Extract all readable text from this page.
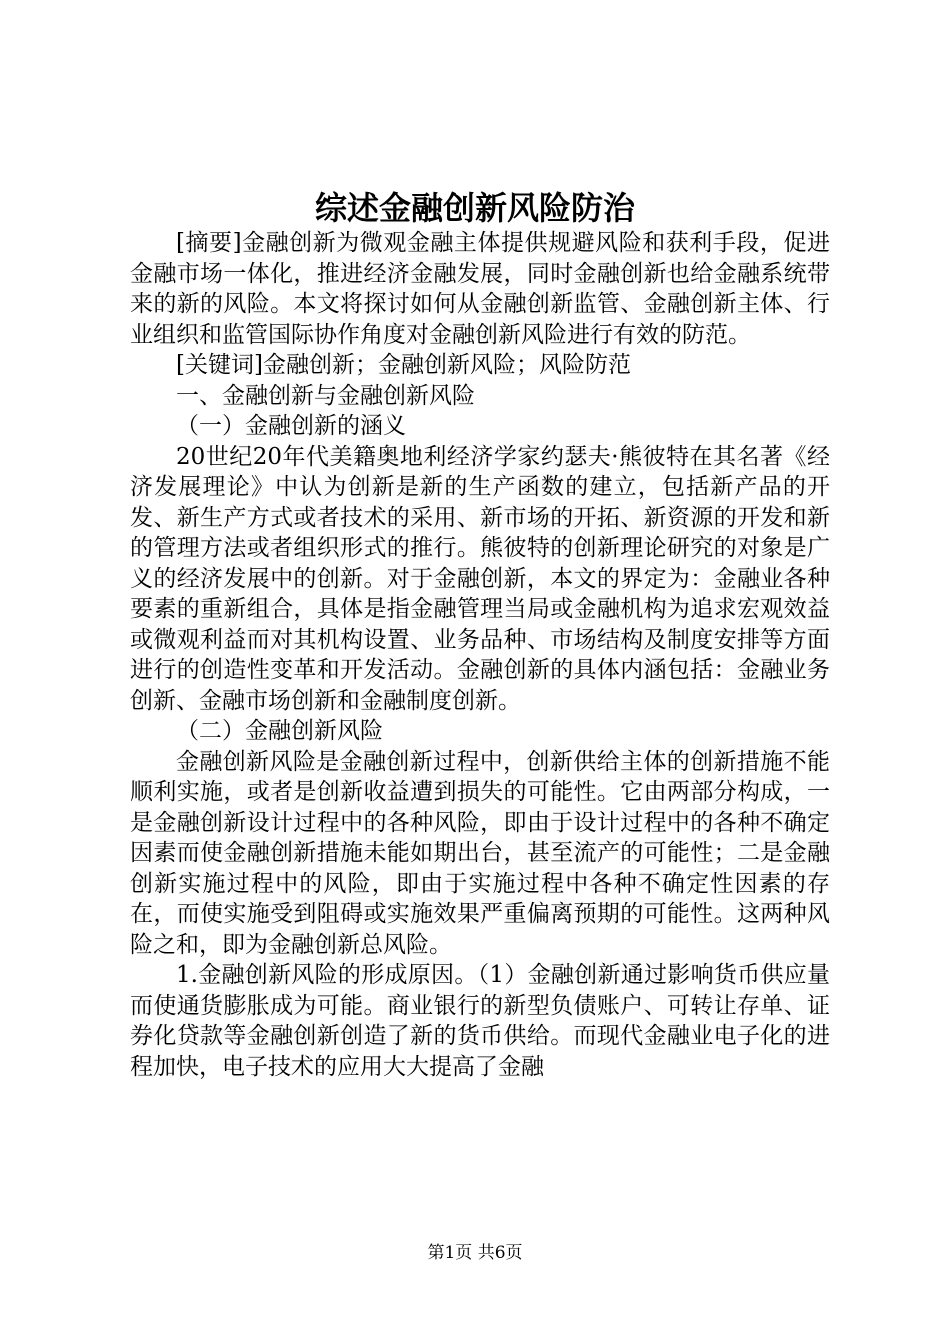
综述金融创新风险防治

[摘要]金融创新为微观金融主体提供规避风险和获利手段，促进金融市场一体化，推进经济金融发展，同时金融创新也给金融系统带来的新的风险。本文将探讨如何从金融创新监管、金融创新主体、行业组织和监管国际协作角度对金融创新风险进行有效的防范。

[关键词]金融创新；金融创新风险；风险防范

一、金融创新与金融创新风险

（一）金融创新的涵义

20世纪20年代美籍奥地利经济学家约瑟夫·熊彼特在其名著《经济发展理论》中认为创新是新的生产函数的建立，包括新产品的开发、新生产方式或者技术的采用、新市场的开拓、新资源的开发和新的管理方法或者组织形式的推行。熊彼特的创新理论研究的对象是广义的经济发展中的创新。对于金融创新，本文的界定为：金融业各种要素的重新组合，具体是指金融管理当局或金融机构为追求宏观效益或微观利益而对其机构设置、业务品种、市场结构及制度安排等方面进行的创造性变革和开发活动。金融创新的具体内涵包括：金融业务创新、金融市场创新和金融制度创新。

（二）金融创新风险

金融创新风险是金融创新过程中，创新供给主体的创新措施不能顺利实施，或者是创新收益遭到损失的可能性。它由两部分构成，一是金融创新设计过程中的各种风险，即由于设计过程中的各种不确定因素而使金融创新措施未能如期出台，甚至流产的可能性；二是金融创新实施过程中的风险，即由于实施过程中各种不确定性因素的存在，而使实施受到阻碍或实施效果严重偏离预期的可能性。这两种风险之和，即为金融创新总风险。

1.金融创新风险的形成原因。（1）金融创新通过影响货币供应量而使通货膨胀成为可能。商业银行的新型负债账户、可转让存单、证券化贷款等金融创新创造了新的货币供给。而现代金融业电子化的进程加快，电子技术的应用大大提高了金融

第1页 共6页
